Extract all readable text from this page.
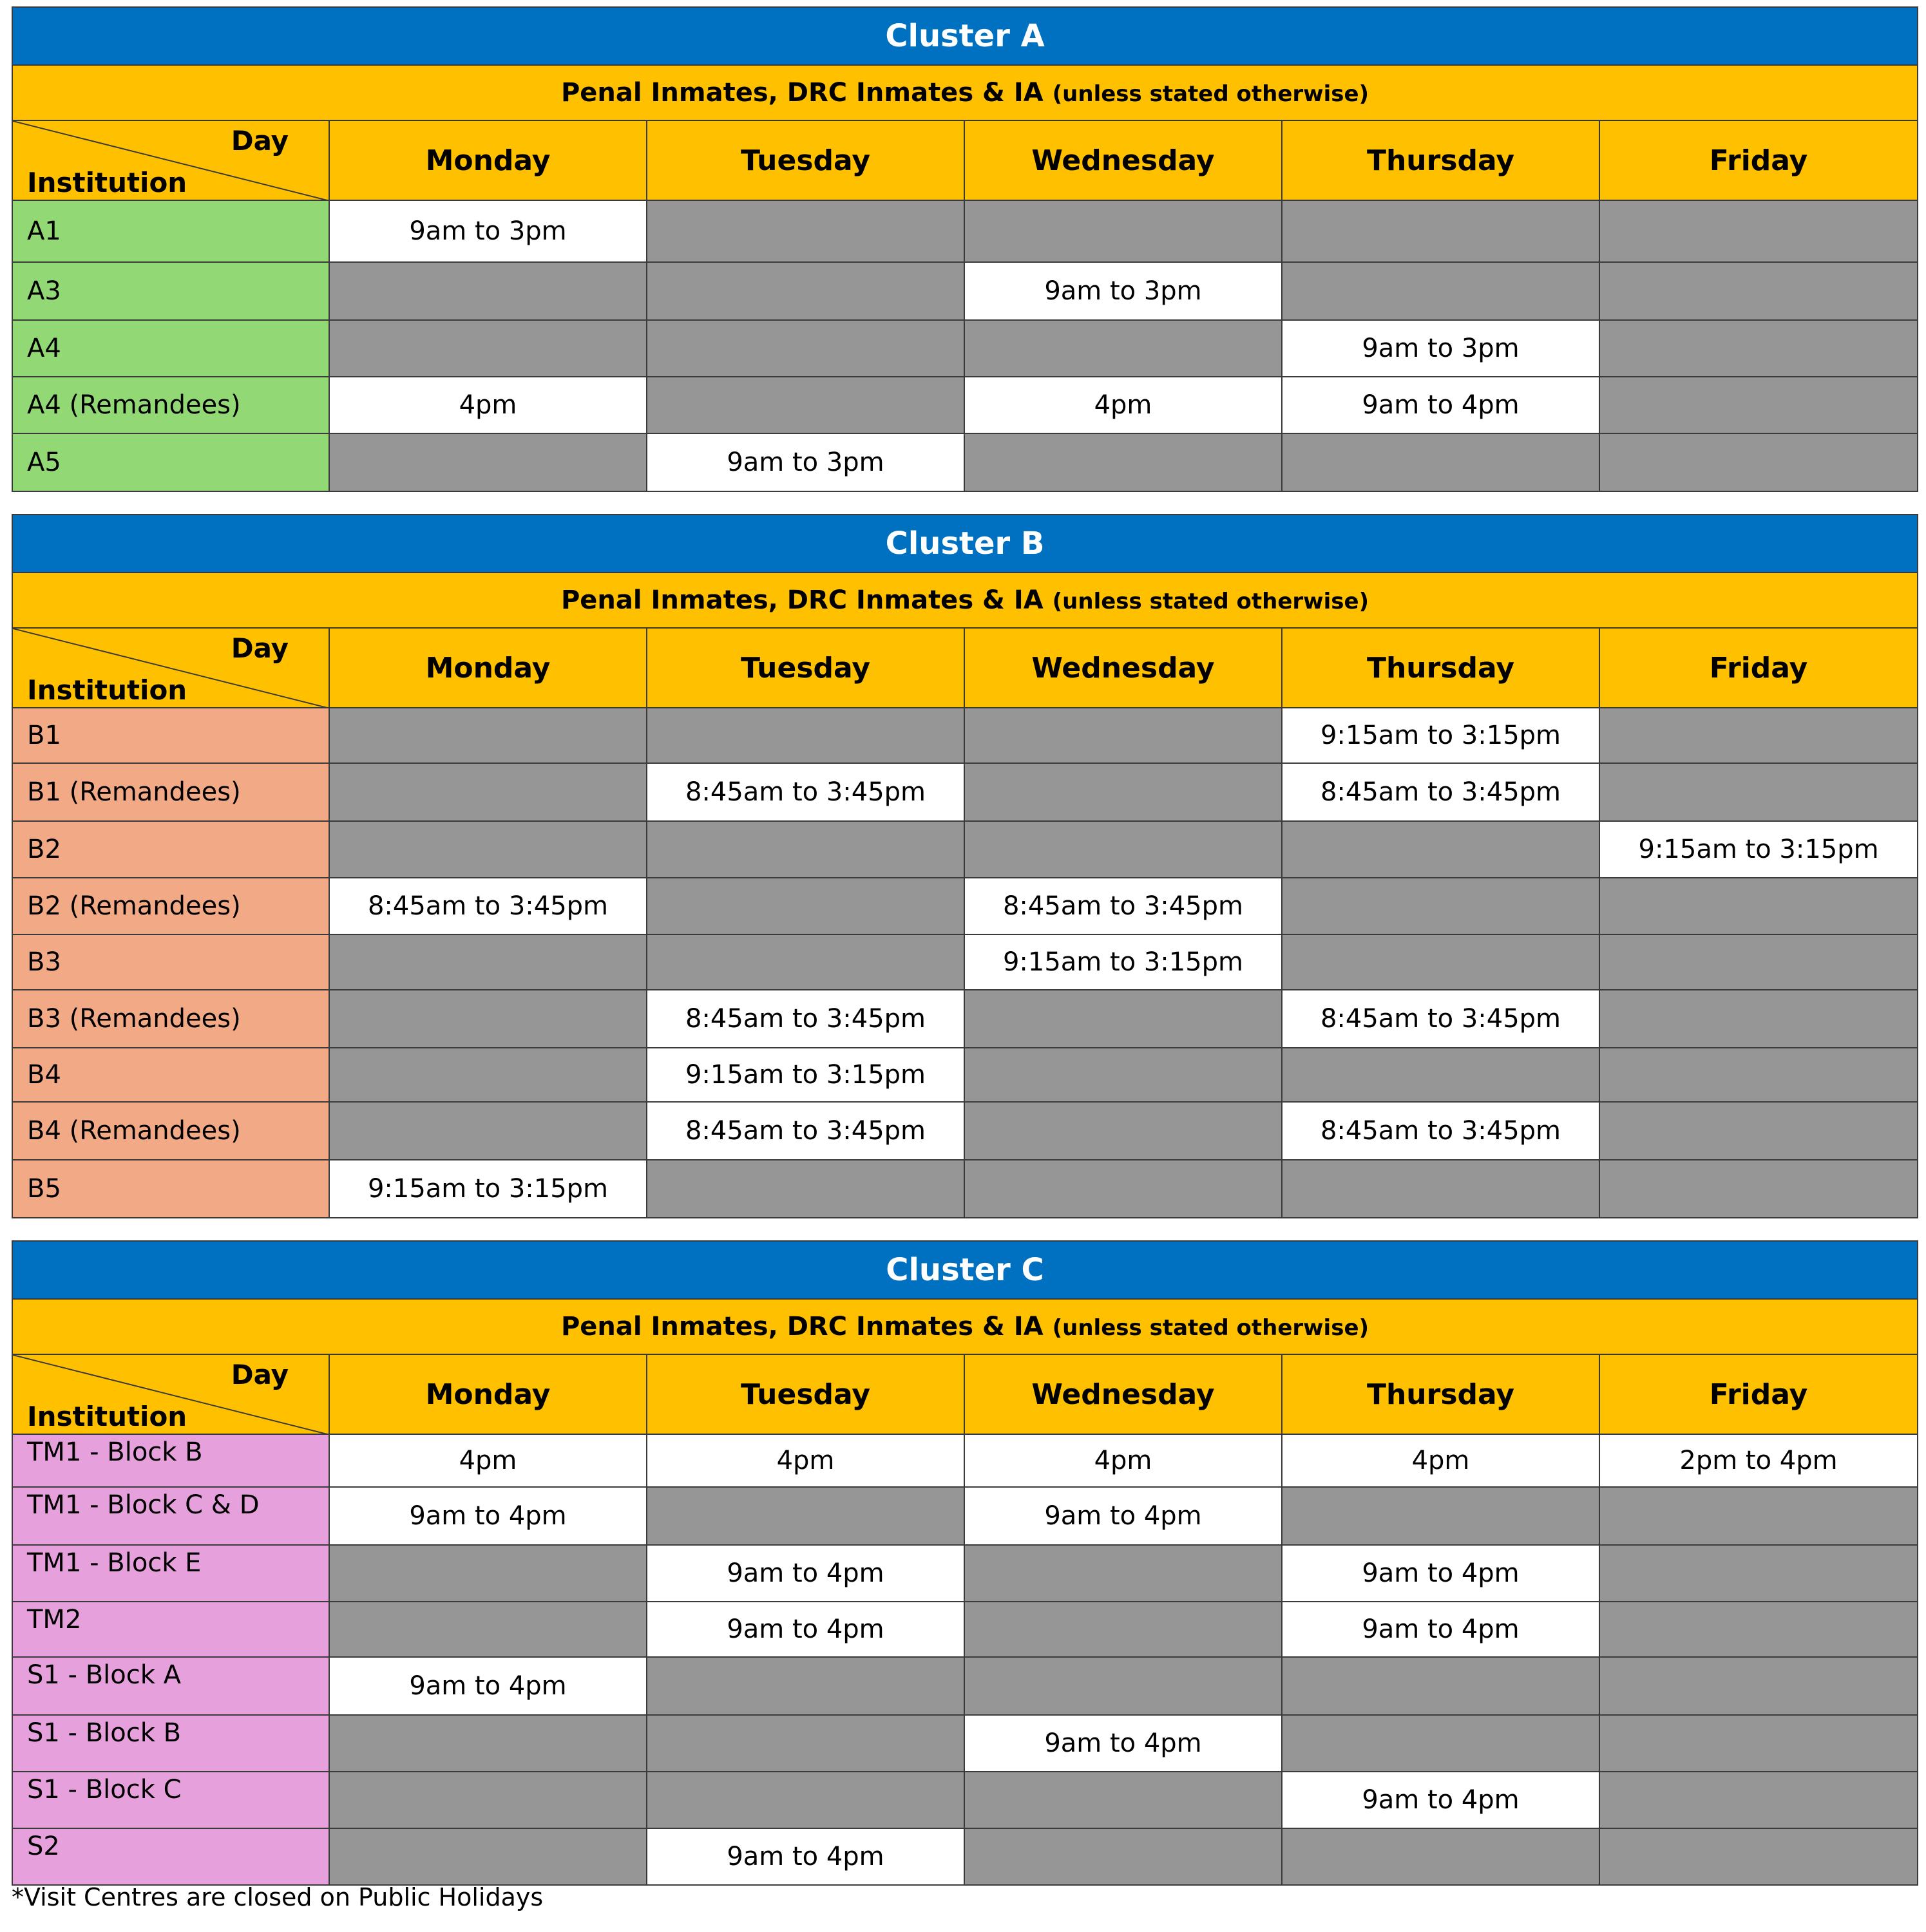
Cluster A					
Penal Inmates, DRC Inmates & IA (unless stated otherwise)					

Day
Institution	Monday	Tuesday	Wednesday	Thursday	Friday
A1	9am to 3pm				
A3			9am to 3pm		
A4				9am to 3pm	
A4 (Remandees)	4pm		4pm	9am to 4pm	
A5		9am to 3pm			
Cluster B					
Penal Inmates, DRC Inmates & IA (unless stated otherwise)					

Day
Institution	Monday	Tuesday	Wednesday	Thursday	Friday
B1				9:15am to 3:15pm	
B1 (Remandees)		8:45am to 3:45pm		8:45am to 3:45pm	
B2					9:15am to 3:15pm
B2 (Remandees)	8:45am to 3:45pm		8:45am to 3:45pm		
B3			9:15am to 3:15pm		
B3 (Remandees)		8:45am to 3:45pm		8:45am to 3:45pm	
B4		9:15am to 3:15pm			
B4 (Remandees)		8:45am to 3:45pm		8:45am to 3:45pm	
B5	9:15am to 3:15pm				
Cluster C					
Penal Inmates, DRC Inmates & IA (unless stated otherwise)					

Day
Institution	Monday	Tuesday	Wednesday	Thursday	Friday
TM1 - Block B	4pm	4pm	4pm	4pm	2pm to 4pm
TM1 - Block C & D	9am to 4pm		9am to 4pm		
TM1 - Block E		9am to 4pm		9am to 4pm	
TM2		9am to 4pm		9am to 4pm	
S1 - Block A	9am to 4pm				
S1 - Block B			9am to 4pm		
S1 - Block C				9am to 4pm	
S2		9am to 4pm			
*Visit Centres are closed on Public Holidays
